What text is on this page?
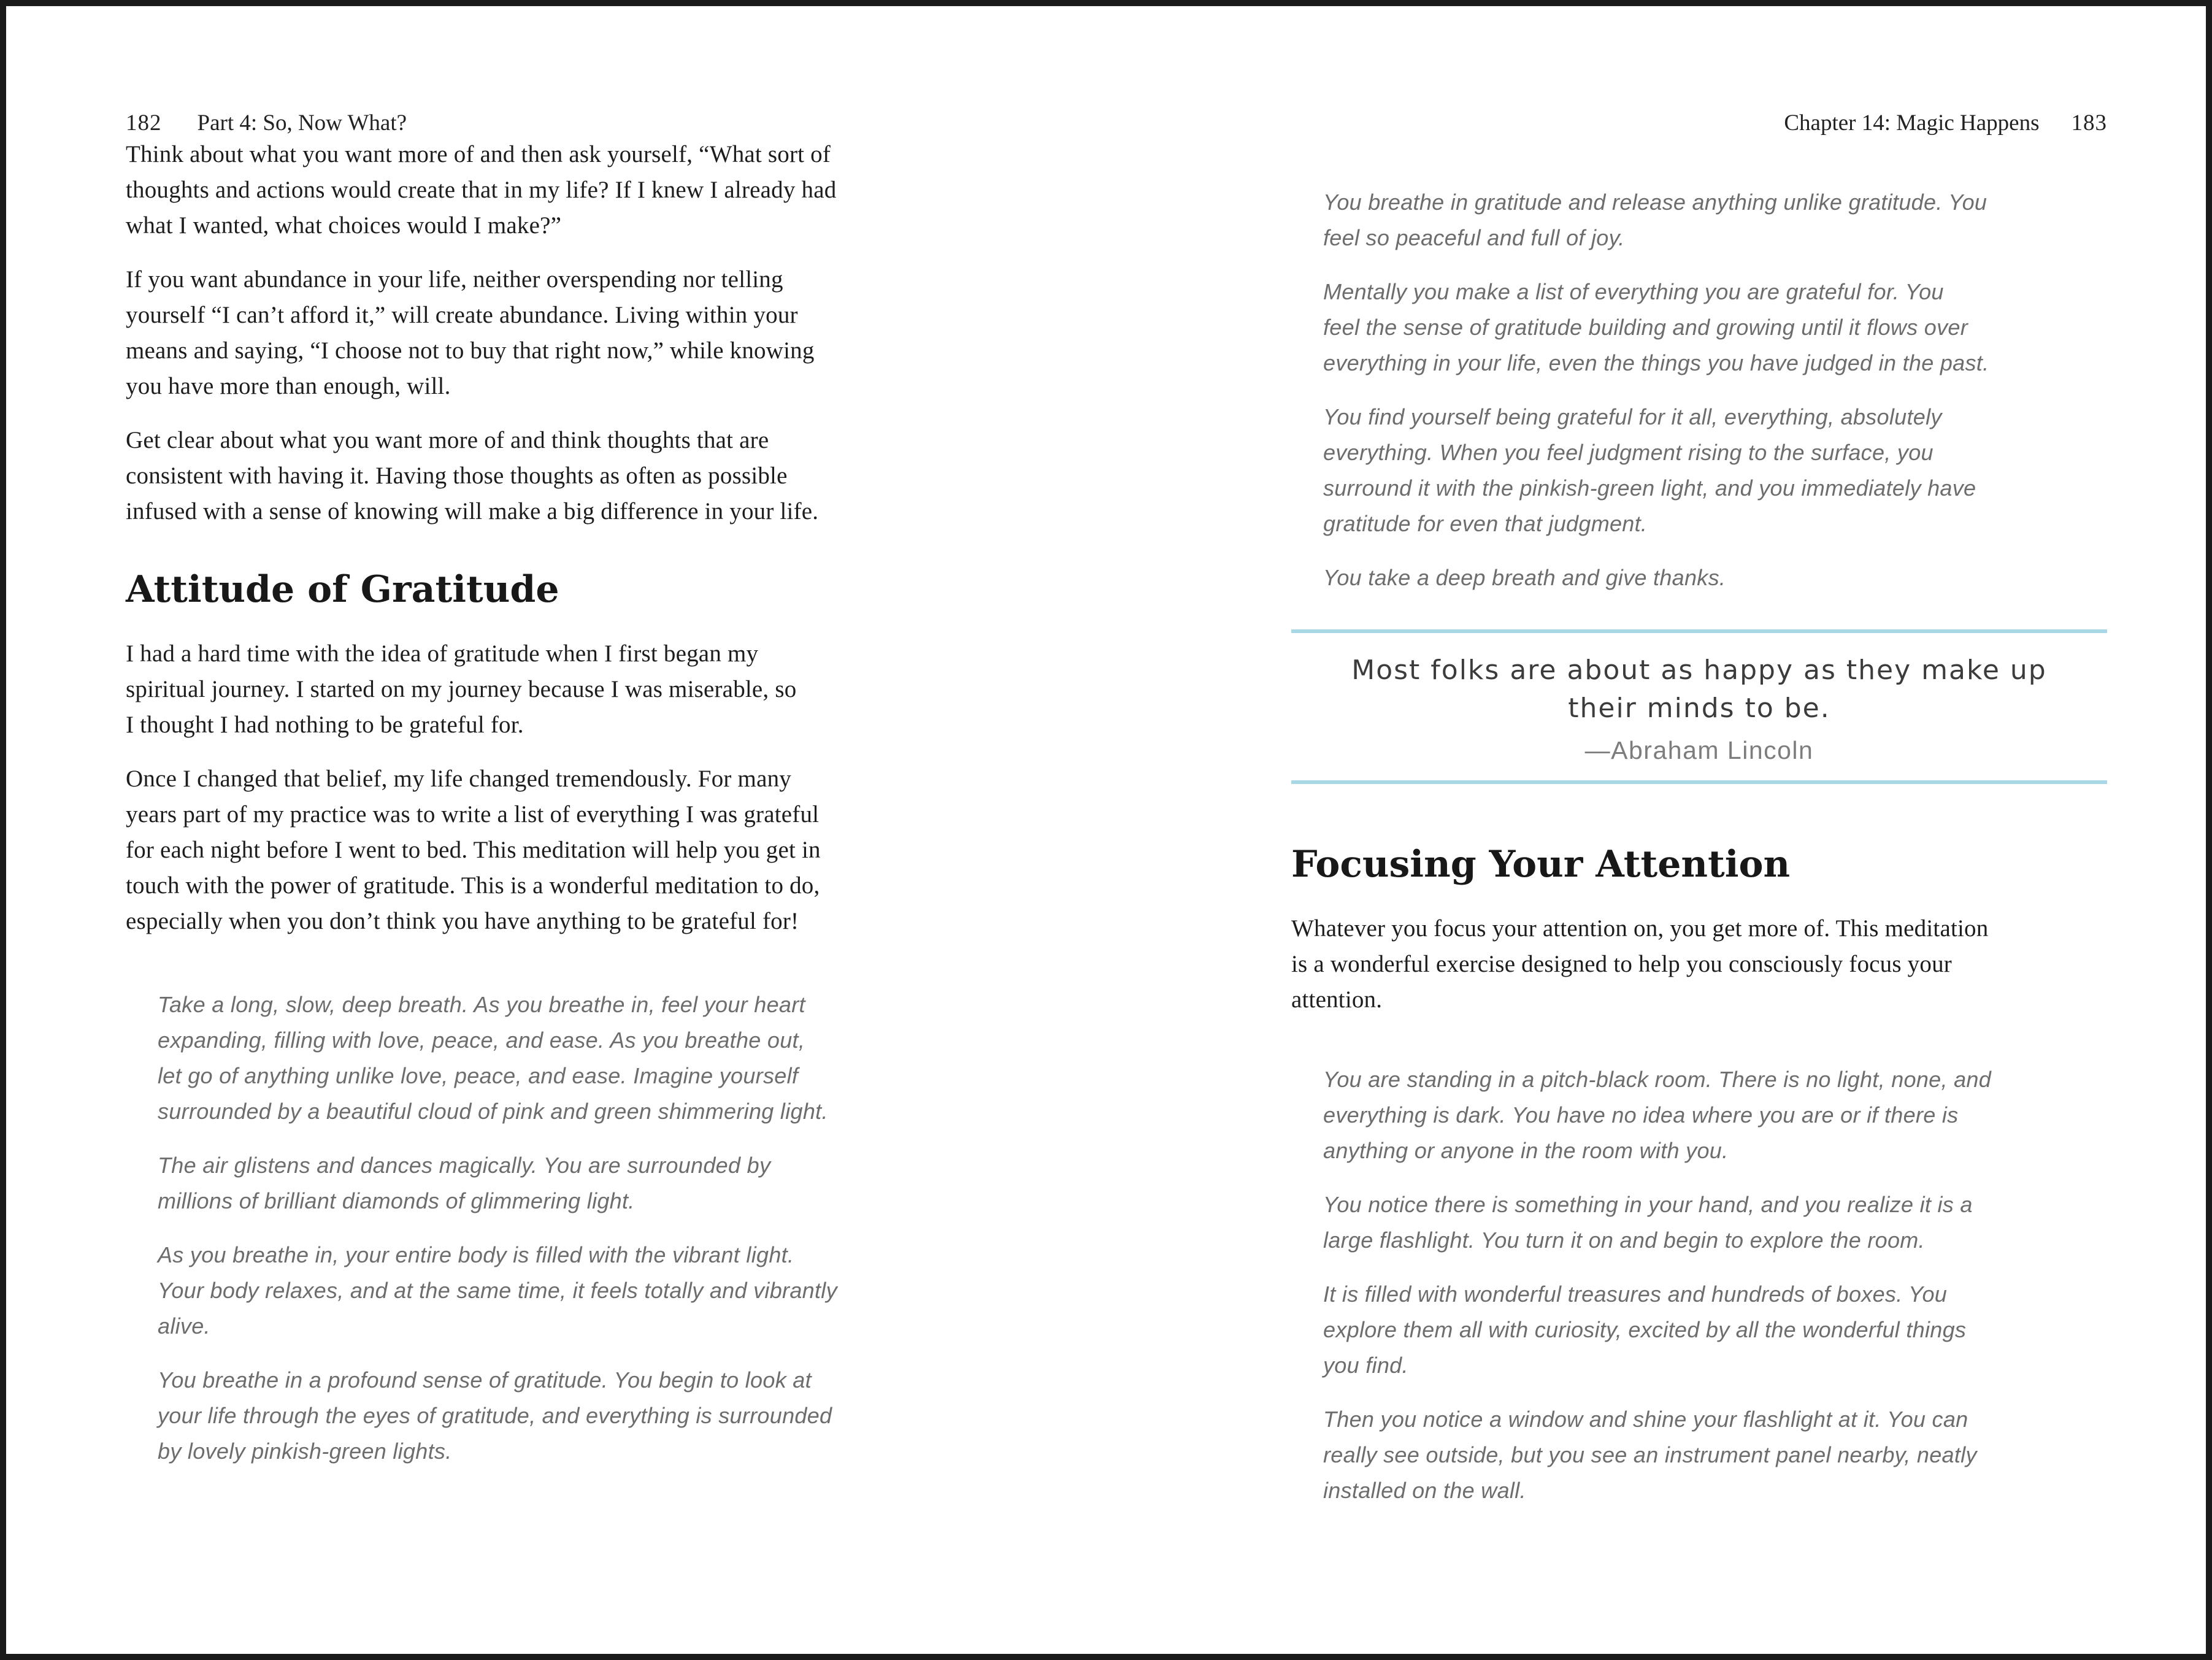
182 Part 4: So, Now What?

Think about what you want more of and then ask yourself, “What sort of
thoughts and actions would create that in my life? If I knew I already had
what I wanted, what choices would I make?”

If you want abundance in your life, neither overspending nor telling
yourself “I can’t afford it,” will create abundance. Living within your
means and saying, “I choose not to buy that right now,” while knowing
you have more than enough, will.

Get clear about what you want more of and think thoughts that are
consistent with having it. Having those thoughts as often as possible
infused with a sense of knowing will make a big difference in your life.

Attitude of Gratitude

I had a hard time with the idea of gratitude when I first began my
spiritual journey. I started on my journey because I was miserable, so
I thought I had nothing to be grateful for.

Once I changed that belief, my life changed tremendously. For many
years part of my practice was to write a list of everything I was grateful
for each night before I went to bed. This meditation will help you get in
touch with the power of gratitude. This is a wonderful meditation to do,
especially when you don’t think you have anything to be grateful for!

Take a long, slow, deep breath. As you breathe in, feel your heart
expanding, filling with love, peace, and ease. As you breathe out,
let go of anything unlike love, peace, and ease. Imagine yourself
surrounded by a beautiful cloud of pink and green shimmering light.

The air glistens and dances magically. You are surrounded by
millions of brilliant diamonds of glimmering light.

As you breathe in, your entire body is filled with the vibrant light.
Your body relaxes, and at the same time, it feels totally and vibrantly
alive.

You breathe in a profound sense of gratitude. You begin to look at
your life through the eyes of gratitude, and everything is surrounded
by lovely pinkish-green lights.

Chapter 14: Magic Happens 183

You breathe in gratitude and release anything unlike gratitude. You
feel so peaceful and full of joy.

Mentally you make a list of everything you are grateful for. You
feel the sense of gratitude building and growing until it flows over
everything in your life, even the things you have judged in the past.

You find yourself being grateful for it all, everything, absolutely
everything. When you feel judgment rising to the surface, you
surround it with the pinkish-green light, and you immediately have
gratitude for even that judgment.

You take a deep breath and give thanks.

Most folks are about as happy as they make up
their minds to be.

—Abraham Lincoln

Focusing Your Attention

Whatever you focus your attention on, you get more of. This meditation
is a wonderful exercise designed to help you consciously focus your
attention.

You are standing in a pitch-black room. There is no light, none, and
everything is dark. You have no idea where you are or if there is
anything or anyone in the room with you.

You notice there is something in your hand, and you realize it is a
large flashlight. You turn it on and begin to explore the room.

It is filled with wonderful treasures and hundreds of boxes. You
explore them all with curiosity, excited by all the wonderful things
you find.

Then you notice a window and shine your flashlight at it. You can
really see outside, but you see an instrument panel nearby, neatly
installed on the wall.
